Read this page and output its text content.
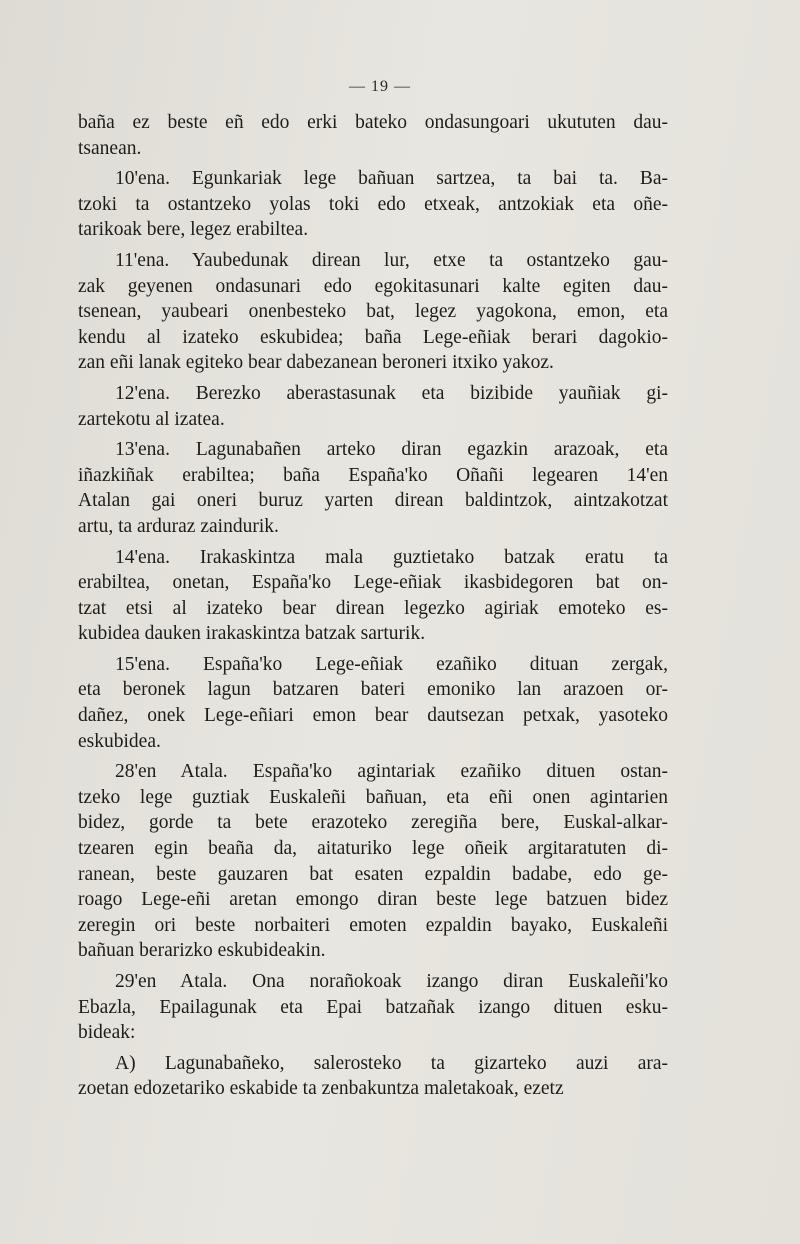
— 19 —
baña ez beste eñ edo erki bateko ondasungoari ukututen dau-
tsanean.
10'ena. Egunkariak lege bañuan sartzea, ta bai ta. Ba-
tzoki ta ostantzeko yolas toki edo etxeak, antzokiak eta oñe-
tarikoak bere, legez erabiltea.
11'ena. Yaubedunak direan lur, etxe ta ostantzeko gau-
zak geyenen ondasunari edo egokitasunari kalte egiten dau-
tsenean, yaubeari onenbesteko bat, legez yagokona, emon, eta
kendu al izateko eskubidea; baña Lege-eñiak berari dagokio-
zan eñi lanak egiteko bear dabezanean beroneri itxiko yakoz.
12'ena. Berezko aberastasunak eta bizibide yauñiak gi-
zartekotu al izatea.
13'ena. Lagunabañen arteko diran egazkin arazoak, eta
iñazkiñak erabiltea; baña España'ko Oñañi legearen 14'en
Atalan gai oneri buruz yarten direan baldintzok, aintzakotzat
artu, ta arduraz zaindurik.
14'ena. Irakaskintza mala guztietako batzak eratu ta
erabiltea, onetan, España'ko Lege-eñiak ikasbidegoren bat on-
tzat etsi al izateko bear direan legezko agiriak emoteko es-
kubidea dauken irakaskintza batzak sarturik.
15'ena. España'ko Lege-eñiak ezañiko dituan zergak,
eta beronek lagun batzaren bateri emoniko lan arazoen or-
dañez, onek Lege-eñiari emon bear dautsezan petxak, yasoteko
eskubidea.
28'en Atala. España'ko agintariak ezañiko dituen ostan-
tzeko lege guztiak Euskaleñi bañuan, eta eñi onen agintarien
bidez, gorde ta bete erazoteko zeregiña bere, Euskal-alkar-
tzearen egin beaña da, aitaturiko lege oñeik argitaratuten di-
ranean, beste gauzaren bat esaten ezpaldin badabe, edo ge-
roago Lege-eñi aretan emongo diran beste lege batzuen bidez
zeregin ori beste norbaiteri emoten ezpaldin bayako, Euskaleñi
bañuan berarizko eskubideakin.
29'en Atala. Ona norañokoak izango diran Euskaleñi'ko
Ebazla, Epailagunak eta Epai batzañak izango dituen esku-
bideak:
A) Lagunabañeko, salerosteko ta gizarteko auzi ara-
zoetan edozetariko eskabide ta zenbakuntza maletakoak, ezetz
